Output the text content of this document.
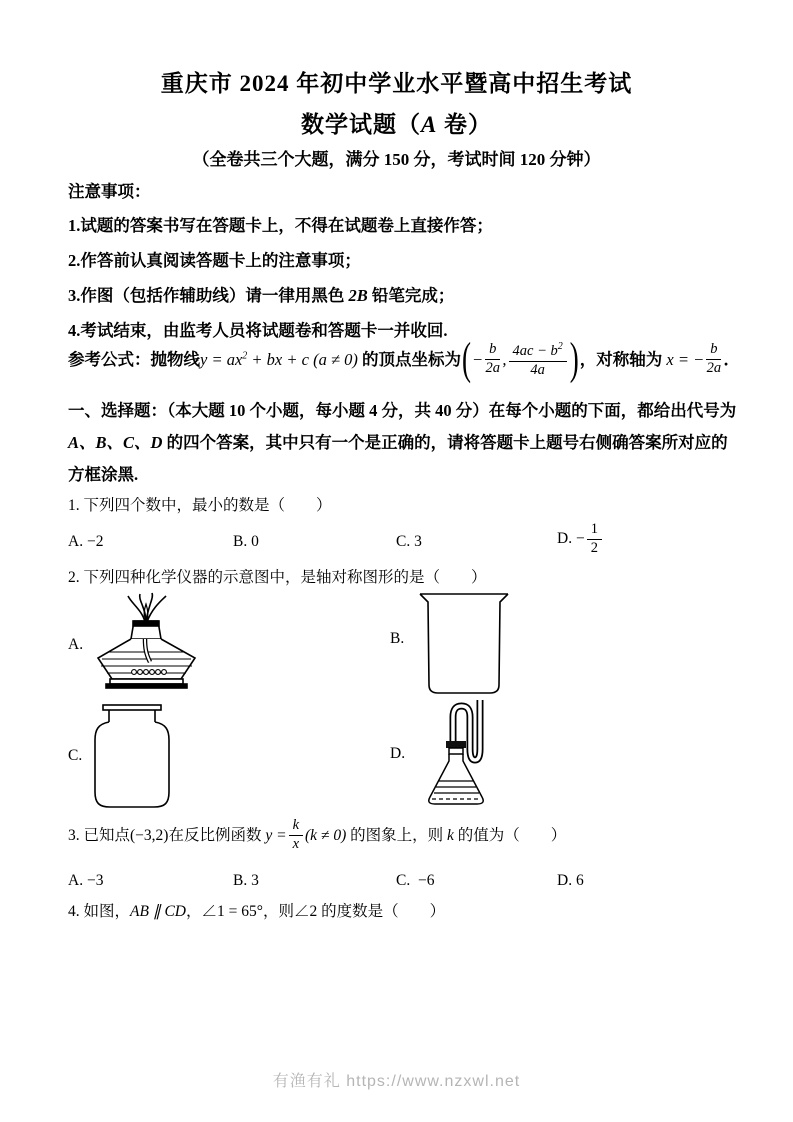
重庆市 2024 年初中学业水平暨高中招生考试
数学试题（A 卷）
（全卷共三个大题，满分 150 分，考试时间 120 分钟）
注意事项：
1.试题的答案书写在答题卡上，不得在试题卷上直接作答；
2.作答前认真阅读答题卡上的注意事项；
3.作图（包括作辅助线）请一律用黑色 2B 铅笔完成；
4.考试结束，由监考人员将试题卷和答题卡一并收回.
参考公式：抛物线 $y = ax^2$ + bx + c (a ≠ 0) 的顶点坐标为 ( − $\frac{b}{2a}$ , $\frac{4ac - b^2}{4a}$ ) ，对称轴为 x = − $\frac{b}{2a}$ ．
一、选择题：（本大题 10 个小题，每小题 4 分，共 40 分）在每个小题的下面，都给出代号为
A、B、C、D 的四个答案，其中只有一个是正确的，请将答题卡上题号右侧确答案所对应的
方框涂黑.
1. 下列四个数中，最小的数是（　　）
A. −2	B. 0	C. 3	D. − $\frac{1}{2}$
2. 下列四种化学仪器的示意图中，是轴对称图形的是（　　）
A.	B.
C.	D.
3. 已知点 (−3,2) 在反比例函数 $y = \frac{k}{x} (k \ne 0)$ 的图象上，则 k 的值为（　　）
A. −3	B. 3	C. −6	D. 6
4. 如图，AB ∥ CD，∠1 = 65°，则∠2 的度数是（　　）
有渔有礼 https://www.nzxwl.net
